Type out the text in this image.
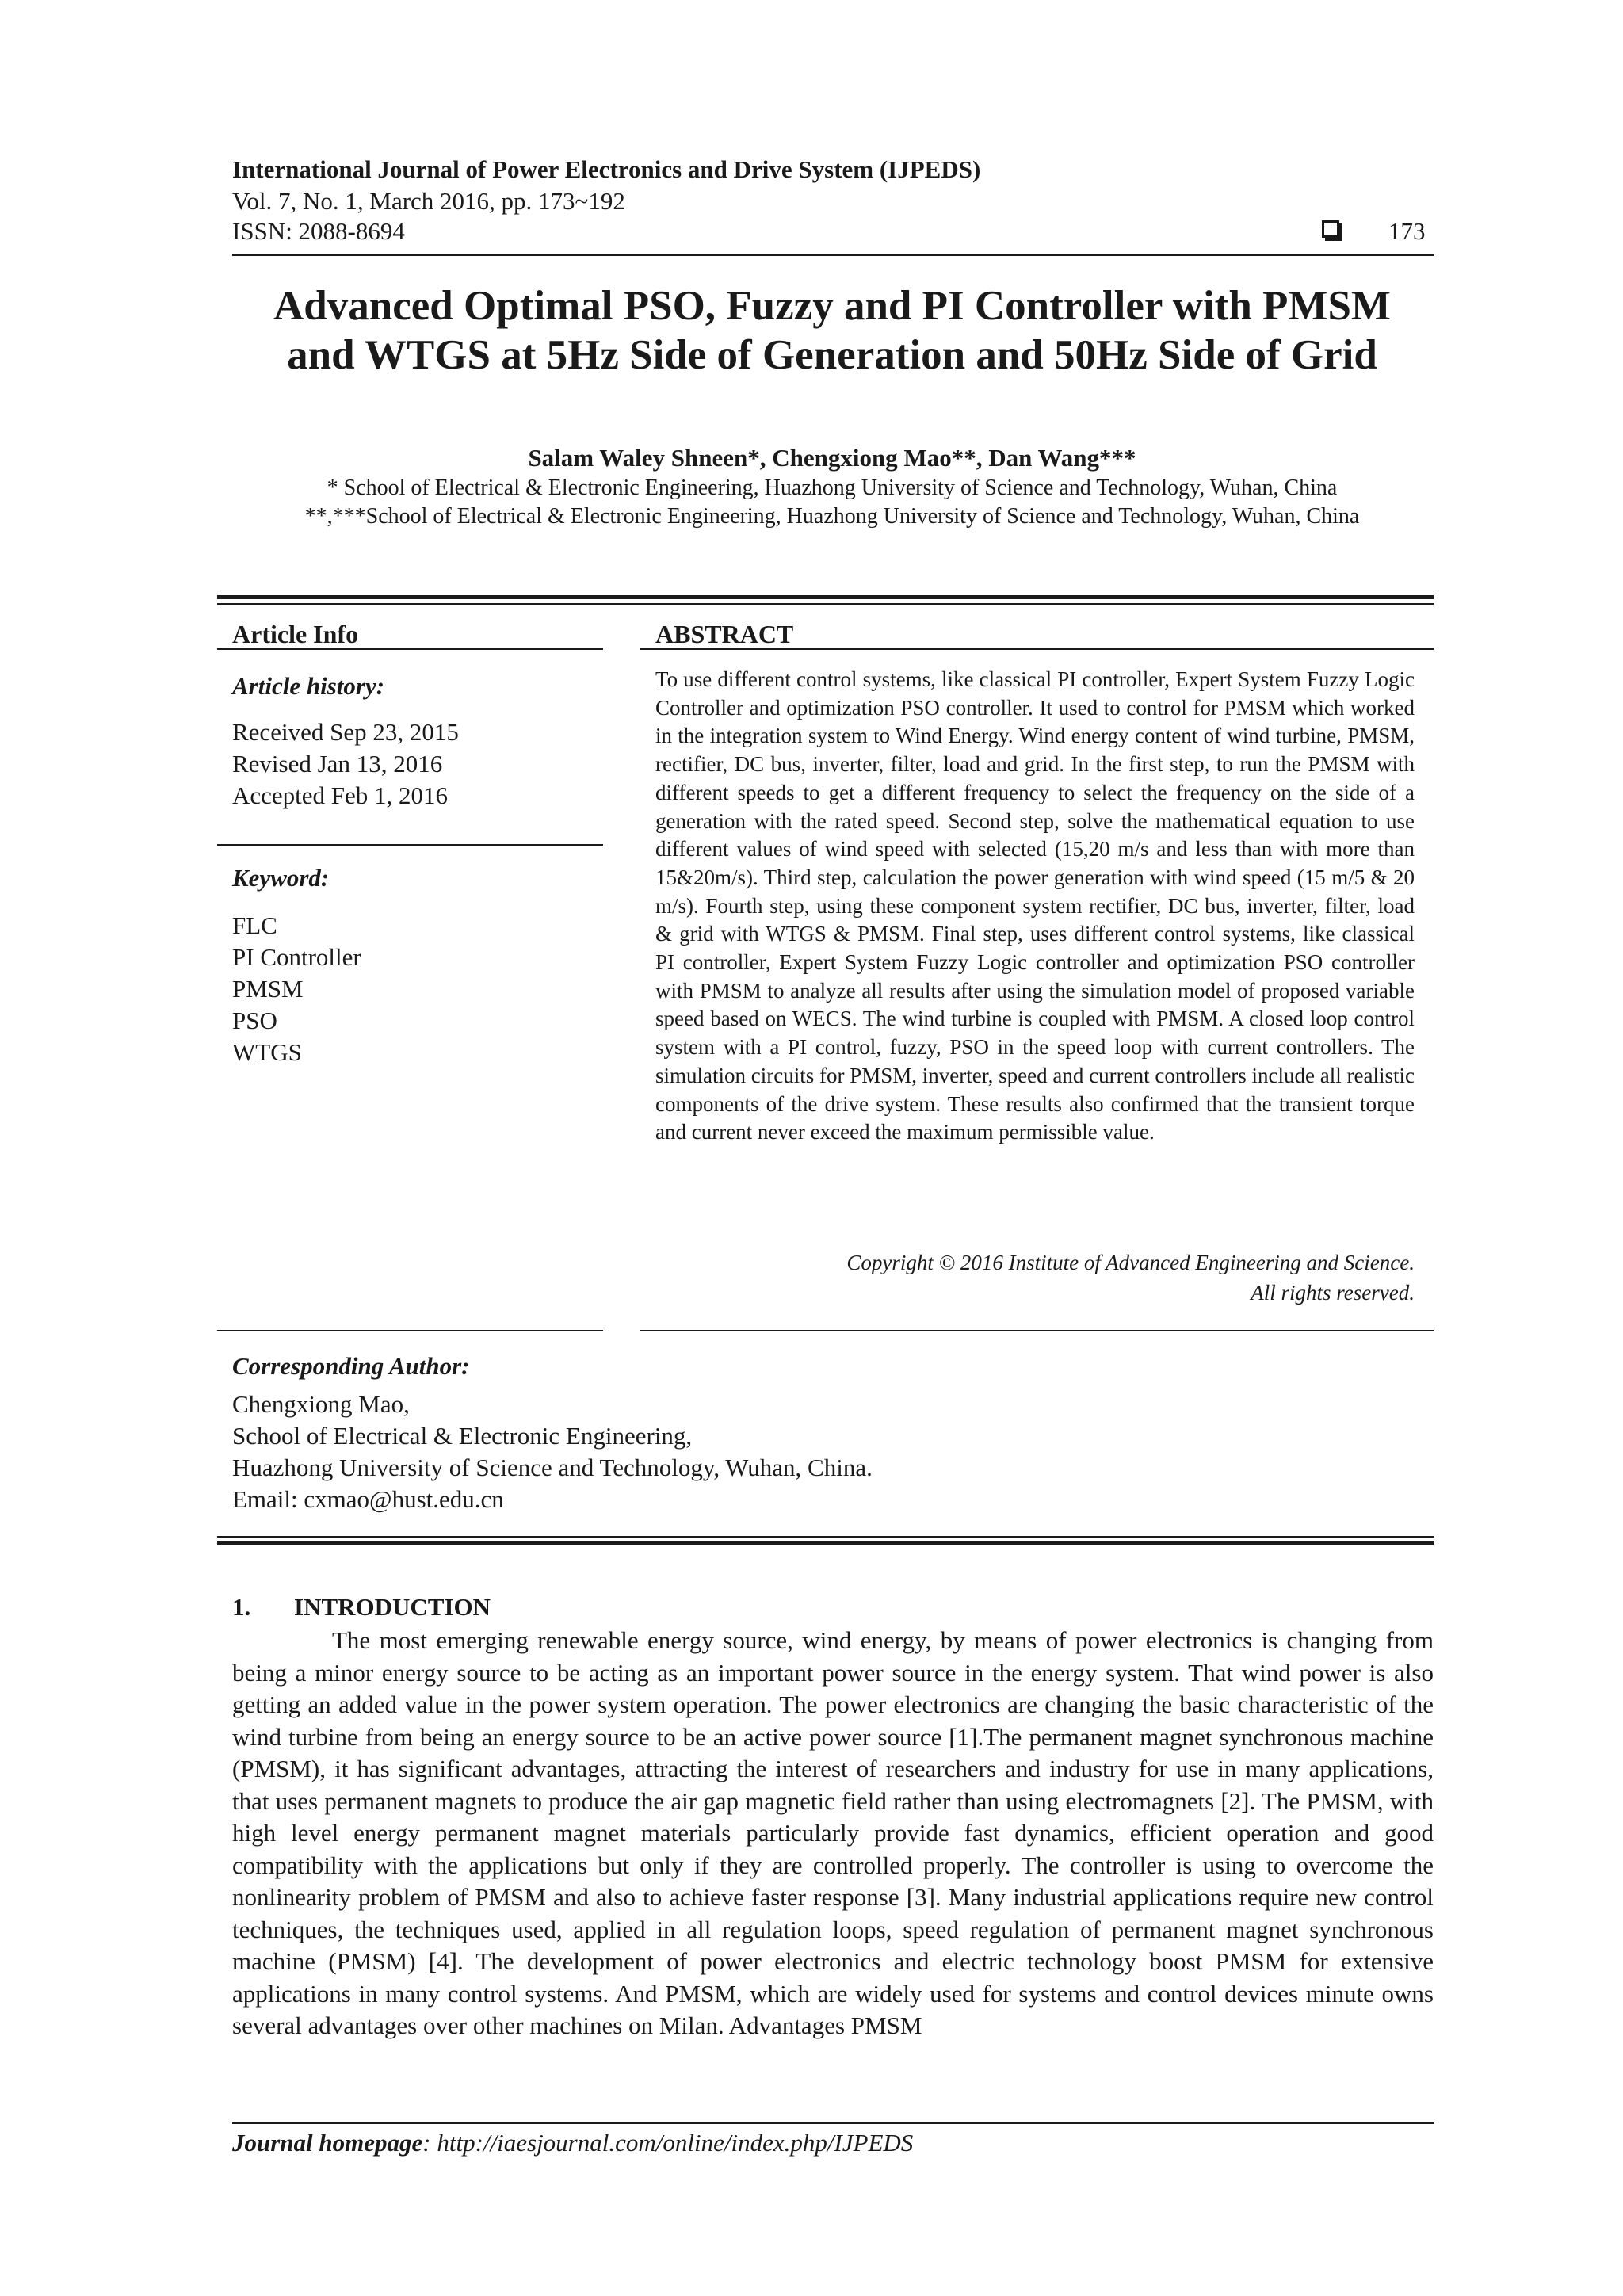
International Journal of Power Electronics and Drive System (IJPEDS)
Vol. 7, No. 1, March 2016, pp. 173~192
ISSN: 2088-8694	173
Advanced Optimal PSO, Fuzzy and PI Controller with PMSM
and WTGS at 5Hz Side of Generation and 50Hz Side of Grid
Salam Waley Shneen*, Chengxiong Mao**, Dan Wang***
* School of Electrical & Electronic Engineering, Huazhong University of Science and Technology, Wuhan, China
**,***School of Electrical & Electronic Engineering, Huazhong University of Science and Technology, Wuhan, China
Article Info
Article history:
Received Sep 23, 2015
Revised Jan 13, 2016
Accepted Feb 1, 2016
Keyword:
FLC
PI Controller
PMSM
PSO
WTGS
ABSTRACT
To use different control systems, like classical PI controller, Expert System Fuzzy Logic Controller and optimization PSO controller. It used to control for PMSM which worked in the integration system to Wind Energy. Wind energy content of wind turbine, PMSM, rectifier, DC bus, inverter, filter, load and grid. In the first step, to run the PMSM with different speeds to get a different frequency to select the frequency on the side of a generation with the rated speed. Second step, solve the mathematical equation to use different values of wind speed with selected (15,20 m/s and less than with more than 15&20m/s). Third step, calculation the power generation with wind speed (15 m/5 & 20 m/s). Fourth step, using these component system rectifier, DC bus, inverter, filter, load & grid with WTGS & PMSM. Final step, uses different control systems, like classical PI controller, Expert System Fuzzy Logic controller and optimization PSO controller with PMSM to analyze all results after using the simulation model of proposed variable speed based on WECS. The wind turbine is coupled with PMSM. A closed loop control system with a PI control, fuzzy, PSO in the speed loop with current controllers. The simulation circuits for PMSM, inverter, speed and current controllers include all realistic components of the drive system. These results also confirmed that the transient torque and current never exceed the maximum permissible value.
Copyright © 2016 Institute of Advanced Engineering and Science.
All rights reserved.
Corresponding Author:
Chengxiong Mao,
School of Electrical & Electronic Engineering,
Huazhong University of Science and Technology, Wuhan, China.
Email: cxmao@hust.edu.cn
1. INTRODUCTION
The most emerging renewable energy source, wind energy, by means of power electronics is changing from being a minor energy source to be acting as an important power source in the energy system. That wind power is also getting an added value in the power system operation. The power electronics are changing the basic characteristic of the wind turbine from being an energy source to be an active power source [1].The permanent magnet synchronous machine (PMSM), it has significant advantages, attracting the interest of researchers and industry for use in many applications, that uses permanent magnets to produce the air gap magnetic field rather than using electromagnets [2]. The PMSM, with high level energy permanent magnet materials particularly provide fast dynamics, efficient operation and good compatibility with the applications but only if they are controlled properly. The controller is using to overcome the nonlinearity problem of PMSM and also to achieve faster response [3]. Many industrial applications require new control techniques, the techniques used, applied in all regulation loops, speed regulation of permanent magnet synchronous machine (PMSM) [4]. The development of power electronics and electric technology boost PMSM for extensive applications in many control systems. And PMSM, which are widely used for systems and control devices minute owns several advantages over other machines on Milan. Advantages PMSM
Journal homepage: http://iaesjournal.com/online/index.php/IJPEDS
